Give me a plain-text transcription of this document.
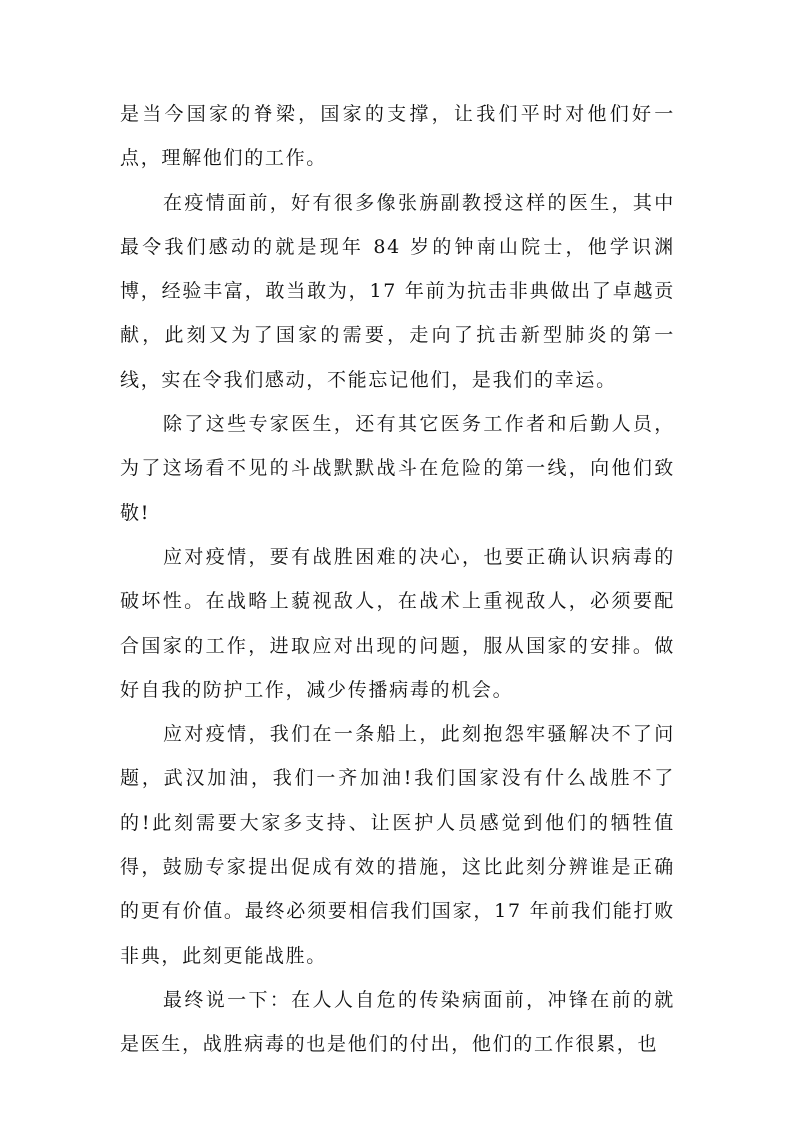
是当今国家的脊梁，国家的支撑，让我们平时对他们好一点，理解他们的工作。

在疫情面前，好有很多像张旃副教授这样的医生，其中最令我们感动的就是现年 84 岁的钟南山院士，他学识渊博，经验丰富，敢当敢为，17 年前为抗击非典做出了卓越贡献，此刻又为了国家的需要，走向了抗击新型肺炎的第一线，实在令我们感动，不能忘记他们，是我们的幸运。

除了这些专家医生，还有其它医务工作者和后勤人员，为了这场看不见的斗战默默战斗在危险的第一线，向他们致敬!

应对疫情，要有战胜困难的决心，也要正确认识病毒的破坏性。在战略上藐视敌人，在战术上重视敌人，必须要配合国家的工作，进取应对出现的问题，服从国家的安排。做好自我的防护工作，减少传播病毒的机会。

应对疫情，我们在一条船上，此刻抱怨牢骚解决不了问题，武汉加油，我们一齐加油!我们国家没有什么战胜不了的!此刻需要大家多支持、让医护人员感觉到他们的牺牲值得，鼓励专家提出促成有效的措施，这比此刻分辨谁是正确的更有价值。最终必须要相信我们国家，17 年前我们能打败非典，此刻更能战胜。

最终说一下：在人人自危的传染病面前，冲锋在前的就是医生，战胜病毒的也是他们的付出，他们的工作很累，也
